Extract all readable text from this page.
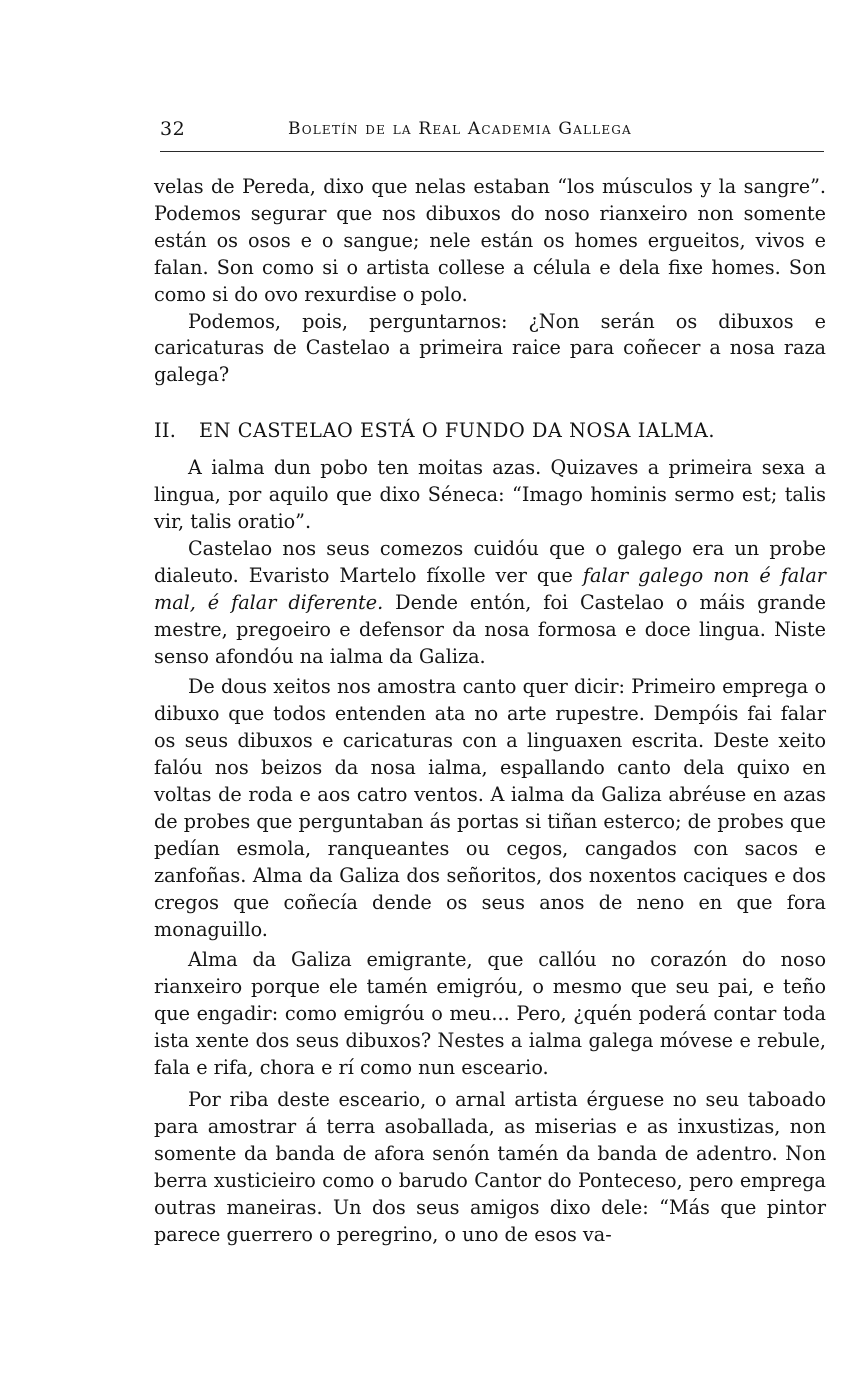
32	Boletín de la Real Academia Gallega

velas de Pereda, dixo que nelas estaban “los músculos y la sangre”. Podemos segurar que nos dibuxos do noso rianxeiro non somente están os osos e o sangue; nele están os homes ergueitos, vivos e falan. Son como si o artista collese a célula e dela fixe homes. Son como si do ovo rexurdise o polo.

Podemos, pois, perguntarnos: ¿Non serán os dibuxos e caricaturas de Castelao a primeira raice para coñecer a nosa raza galega?

II. EN CASTELAO ESTÁ O FUNDO DA NOSA IALMA.

A ialma dun pobo ten moitas azas. Quizaves a primeira sexa a lingua, por aquilo que dixo Séneca: “Imago hominis sermo est; talis vir, talis oratio”.

Castelao nos seus comezos cuidóu que o galego era un probe dialeuto. Evaristo Martelo fíxolle ver que falar galego non é falar mal, é falar diferente. Dende entón, foi Castelao o máis grande mestre, pregoeiro e defensor da nosa formosa e doce lingua. Niste senso afondóu na ialma da Galiza.

De dous xeitos nos amostra canto quer dicir: Primeiro emprega o dibuxo que todos entenden ata no arte rupestre. Dempóis fai falar os seus dibuxos e caricaturas con a linguaxen escrita. Deste xeito falóu nos beizos da nosa ialma, espallando canto dela quixo en voltas de roda e aos catro ventos. A ialma da Galiza abréuse en azas de probes que perguntaban ás portas si tiñan esterco; de probes que pedían esmola, ranqueantes ou cegos, cangados con sacos e zanfoñas. Alma da Galiza dos señoritos, dos noxentos caciques e dos cregos que coñecía dende os seus anos de neno en que fora monaguillo.

Alma da Galiza emigrante, que callóu no corazón do noso rianxeiro porque ele tamén emigróu, o mesmo que seu pai, e teño que engadir: como emigróu o meu... Pero, ¿quén poderá contar toda ista xente dos seus dibuxos? Nestes a ialma galega móvese e rebule, fala e rifa, chora e rí como nun esceario.

Por riba deste esceario, o arnal artista érguese no seu taboado para amostrar á terra asoballada, as miserias e as inxustizas, non somente da banda de afora senón tamén da banda de adentro. Non berra xusticieiro como o barudo Cantor do Ponteceso, pero emprega outras maneiras. Un dos seus amigos dixo dele: “Más que pintor parece guerrero o peregrino, o uno de esos va-
